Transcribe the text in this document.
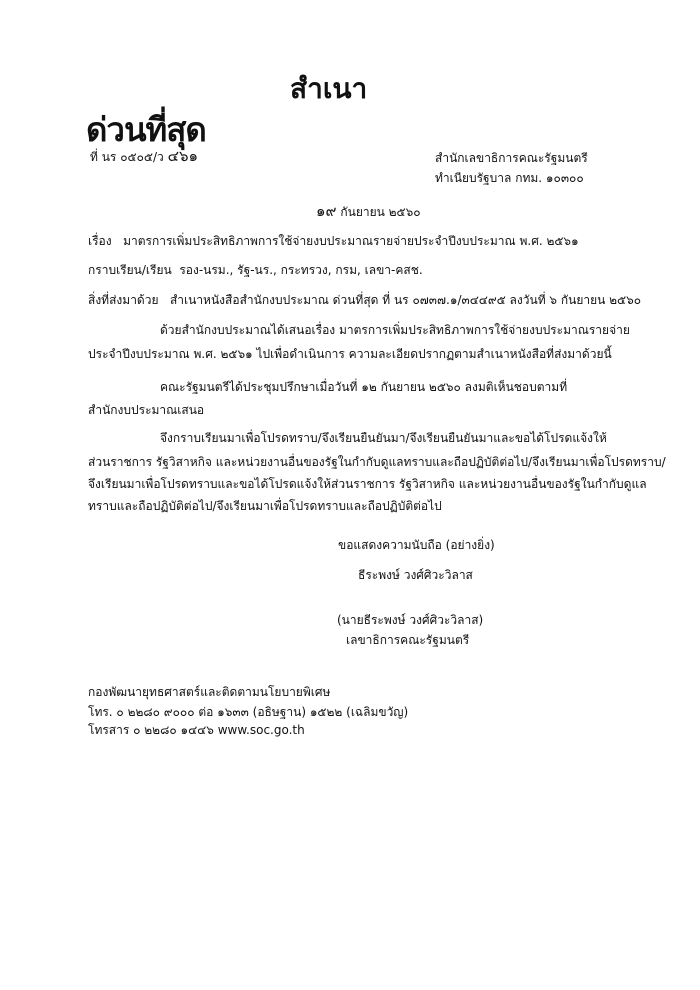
สำเนา
ด่วนที่สุด
ที่ นร ๐๕๐๕/ว ๔๖๑	สำนักเลขาธิการคณะรัฐมนตรี
ทำเนียบรัฐบาล กทม. ๑๐๓๐๐
๑๙ กันยายน ๒๕๖๐
เรื่อง มาตรการเพิ่มประสิทธิภาพการใช้จ่ายงบประมาณรายจ่ายประจำปีงบประมาณ พ.ศ. ๒๕๖๑
กราบเรียน/เรียน รอง-นรม., รัฐ-นร., กระทรวง, กรม, เลขา-คสช.
สิ่งที่ส่งมาด้วย สำเนาหนังสือสำนักงบประมาณ ด่วนที่สุด ที่ นร ๐๗๓๗.๑/๓๔๔๙๕ ลงวันที่ ๖ กันยายน ๒๕๖๐
ด้วยสำนักงบประมาณได้เสนอเรื่อง มาตรการเพิ่มประสิทธิภาพการใช้จ่ายงบประมาณรายจ่าย
ประจำปีงบประมาณ พ.ศ. ๒๕๖๑ ไปเพื่อดำเนินการ ความละเอียดปรากฏตามสำเนาหนังสือที่ส่งมาด้วยนี้
คณะรัฐมนตรีได้ประชุมปรึกษาเมื่อวันที่ ๑๒ กันยายน ๒๕๖๐ ลงมติเห็นชอบตามที่
สำนักงบประมาณเสนอ
จึงกราบเรียนมาเพื่อโปรดทราบ/จึงเรียนยืนยันมา/จึงเรียนยืนยันมาและขอได้โปรดแจ้งให้
ส่วนราชการ รัฐวิสาหกิจ และหน่วยงานอื่นของรัฐในกำกับดูแลทราบและถือปฏิบัติต่อไป/จึงเรียนมาเพื่อโปรดทราบ/
จึงเรียนมาเพื่อโปรดทราบและขอได้โปรดแจ้งให้ส่วนราชการ รัฐวิสาหกิจ และหน่วยงานอื่นของรัฐในกำกับดูแล
ทราบและถือปฏิบัติต่อไป/จึงเรียนมาเพื่อโปรดทราบและถือปฏิบัติต่อไป
ขอแสดงความนับถือ (อย่างยิ่ง)
ธีระพงษ์ วงศ์ศิวะวิลาส
(นายธีระพงษ์ วงศ์ศิวะวิลาส)
เลขาธิการคณะรัฐมนตรี
กองพัฒนายุทธศาสตร์และติดตามนโยบายพิเศษ
โทร. ๐ ๒๒๘๐ ๙๐๐๐ ต่อ ๑๖๓๓ (อธิษฐาน) ๑๕๒๒ (เฉลิมขวัญ)
โทรสาร ๐ ๒๒๘๐ ๑๔๔๖ www.soc.go.th
